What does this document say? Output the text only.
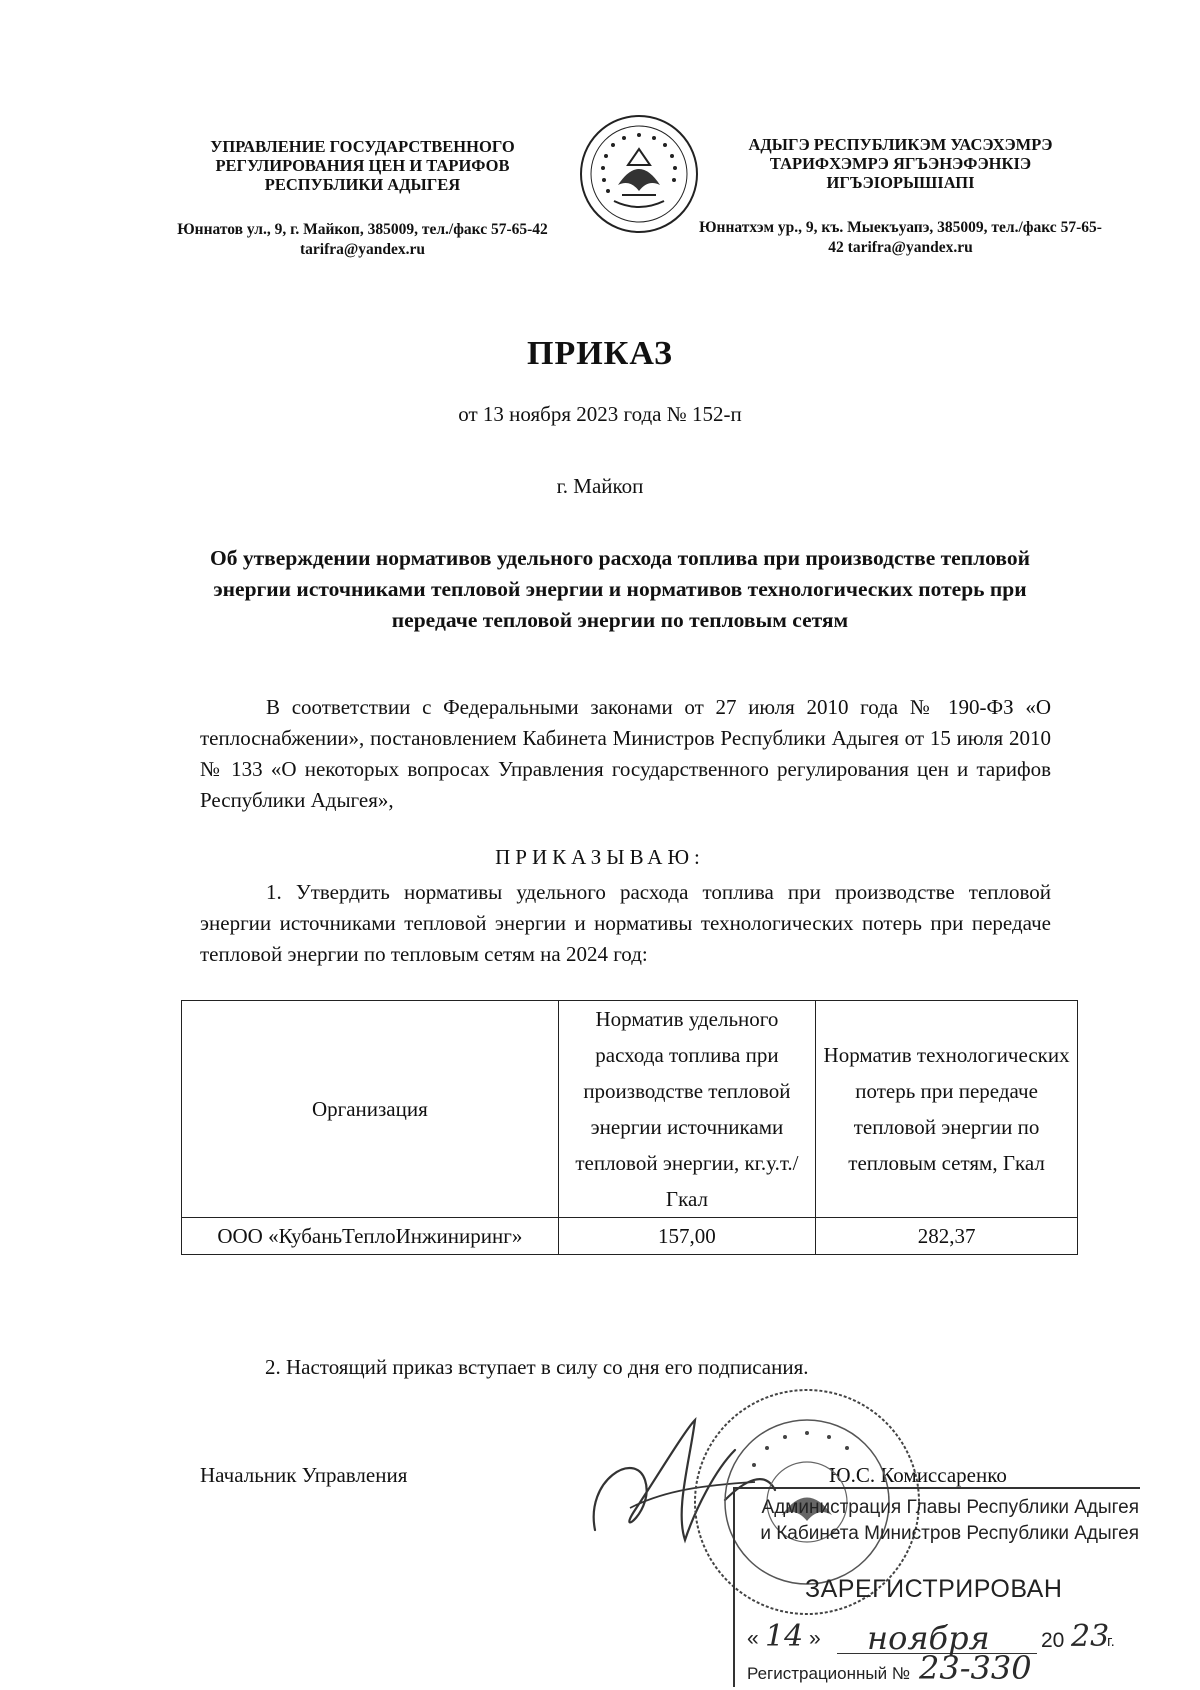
УПРАВЛЕНИЕ ГОСУДАРСТВЕННОГО РЕГУЛИРОВАНИЯ ЦЕН И ТАРИФОВ РЕСПУБЛИКИ АДЫГЕЯ
Юннатов ул., 9, г. Майкоп, 385009, тел./факс 57-65-42 tarifra@yandex.ru
АДЫГЭ РЕСПУБЛИКЭМ УАСЭХЭМРЭ ТАРИФХЭМРЭ ЯГЪЭНЭФЭНКIЭ ИГЪЭIОРЫШIАПI
Юннатхэм ур., 9, къ. Мыекъуапэ, 385009, тел./факс 57-65-42 tarifra@yandex.ru
ПРИКАЗ
от 13 ноября 2023 года № 152-п
г. Майкоп
Об утверждении нормативов удельного расхода топлива при производстве тепловой энергии источниками тепловой энергии и нормативов технологических потерь при передаче тепловой энергии по тепловым сетям
В соответствии с Федеральными законами от 27 июля 2010 года № 190-ФЗ «О теплоснабжении», постановлением Кабинета Министров Республики Адыгея от 15 июля 2010 № 133 «О некоторых вопросах Управления государственного регулирования цен и тарифов Республики Адыгея»,
ПРИКАЗЫВАЮ:
1. Утвердить нормативы удельного расхода топлива при производстве тепловой энергии источниками тепловой энергии и нормативы технологических потерь при передаче тепловой энергии по тепловым сетям на 2024 год:
Организация	Норматив удельного расхода топлива при производстве тепловой энергии источниками тепловой энергии, кг.у.т./Гкал	Норматив технологических потерь при передаче тепловой энергии по тепловым сетям, Гкал
ООО «КубаньТеплоИнжиниринг»	157,00	282,37
2. Настоящий приказ вступает в силу со дня его подписания.
Начальник Управления	Ю.С. Комиссаренко
Администрация Главы Республики Адыгея
и Кабинета Министров Республики Адыгея
ЗАРЕГИСТРИРОВАН
« 14 » ноября 20 23
г.
Регистрационный № 23-330
